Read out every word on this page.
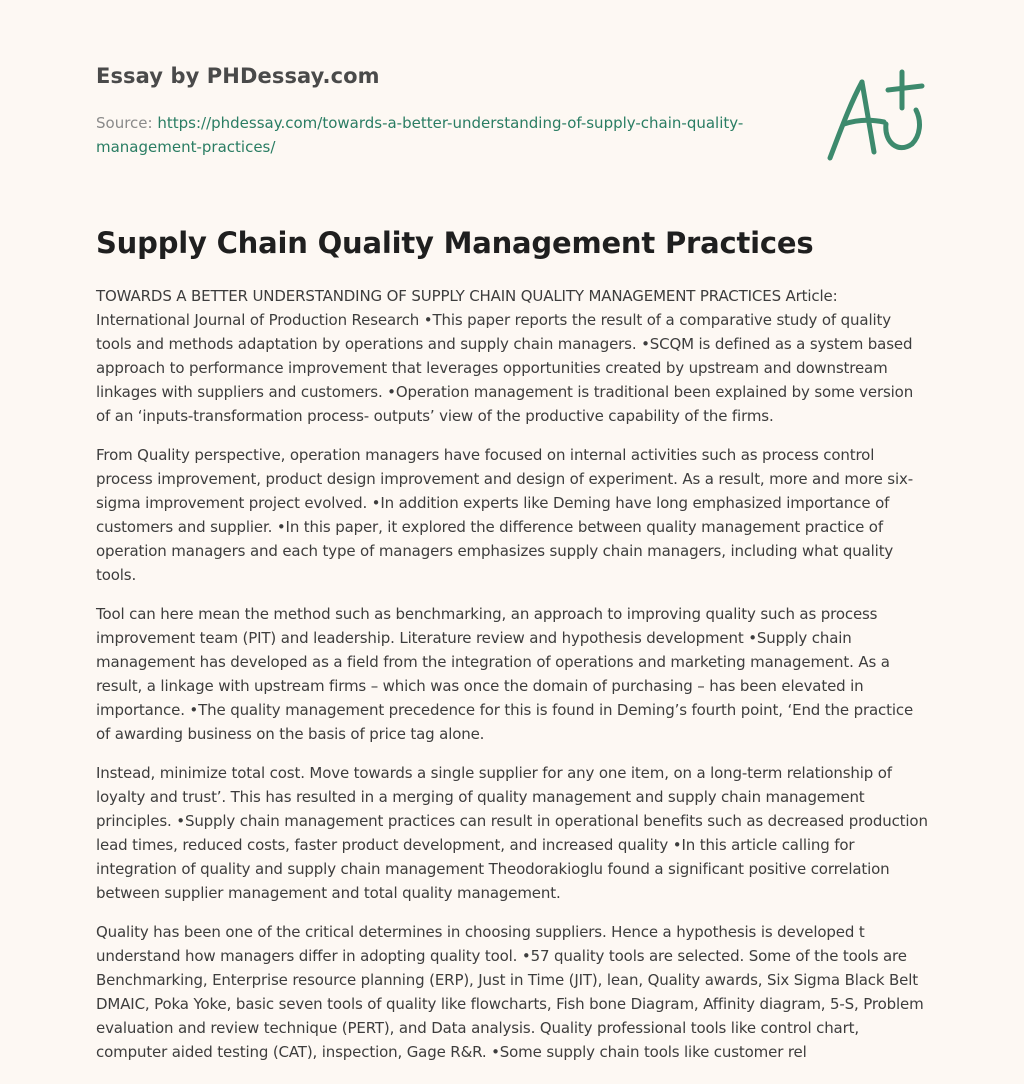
Essay by PHDessay.com
Source: https://phdessay.com/towards-a-better-understanding-of-supply-chain-quality-management-practices/
Supply Chain Quality Management Practices

TOWARDS A BETTER UNDERSTANDING OF SUPPLY CHAIN QUALITY MANAGEMENT PRACTICES Article: International Journal of Production Research •This paper reports the result of a comparative study of quality tools and methods adaptation by operations and supply chain managers. •SCQM is defined as a system based approach to performance improvement that leverages opportunities created by upstream and downstream linkages with suppliers and customers. •Operation management is traditional been explained by some version of an ‘inputs-transformation process- outputs’ view of the productive capability of the firms.

From Quality perspective, operation managers have focused on internal activities such as process control process improvement, product design improvement and design of experiment. As a result, more and more six-sigma improvement project evolved. •In addition experts like Deming have long emphasized importance of customers and supplier. •In this paper, it explored the difference between quality management practice of operation managers and each type of managers emphasizes supply chain managers, including what quality tools.

Tool can here mean the method such as benchmarking, an approach to improving quality such as process improvement team (PIT) and leadership. Literature review and hypothesis development •Supply chain management has developed as a field from the integration of operations and marketing management. As a result, a linkage with upstream firms – which was once the domain of purchasing – has been elevated in importance. •The quality management precedence for this is found in Deming’s fourth point, ‘End the practice of awarding business on the basis of price tag alone.

Instead, minimize total cost. Move towards a single supplier for any one item, on a long-term relationship of loyalty and trust’. This has resulted in a merging of quality management and supply chain management principles. •Supply chain management practices can result in operational benefits such as decreased production lead times, reduced costs, faster product development, and increased quality •In this article calling for integration of quality and supply chain management Theodorakioglu found a significant positive correlation between supplier management and total quality management.

Quality has been one of the critical determines in choosing suppliers. Hence a hypothesis is developed t understand how managers differ in adopting quality tool. •57 quality tools are selected. Some of the tools are Benchmarking, Enterprise resource planning (ERP), Just in Time (JIT), lean, Quality awards, Six Sigma Black Belt DMAIC, Poka Yoke, basic seven tools of quality like flowcharts, Fish bone Diagram, Affinity diagram, 5-S, Problem evaluation and review technique (PERT), and Data analysis. Quality professional tools like control chart, computer aided testing (CAT), inspection, Gage R&R. •Some supply chain tools like customer rel
